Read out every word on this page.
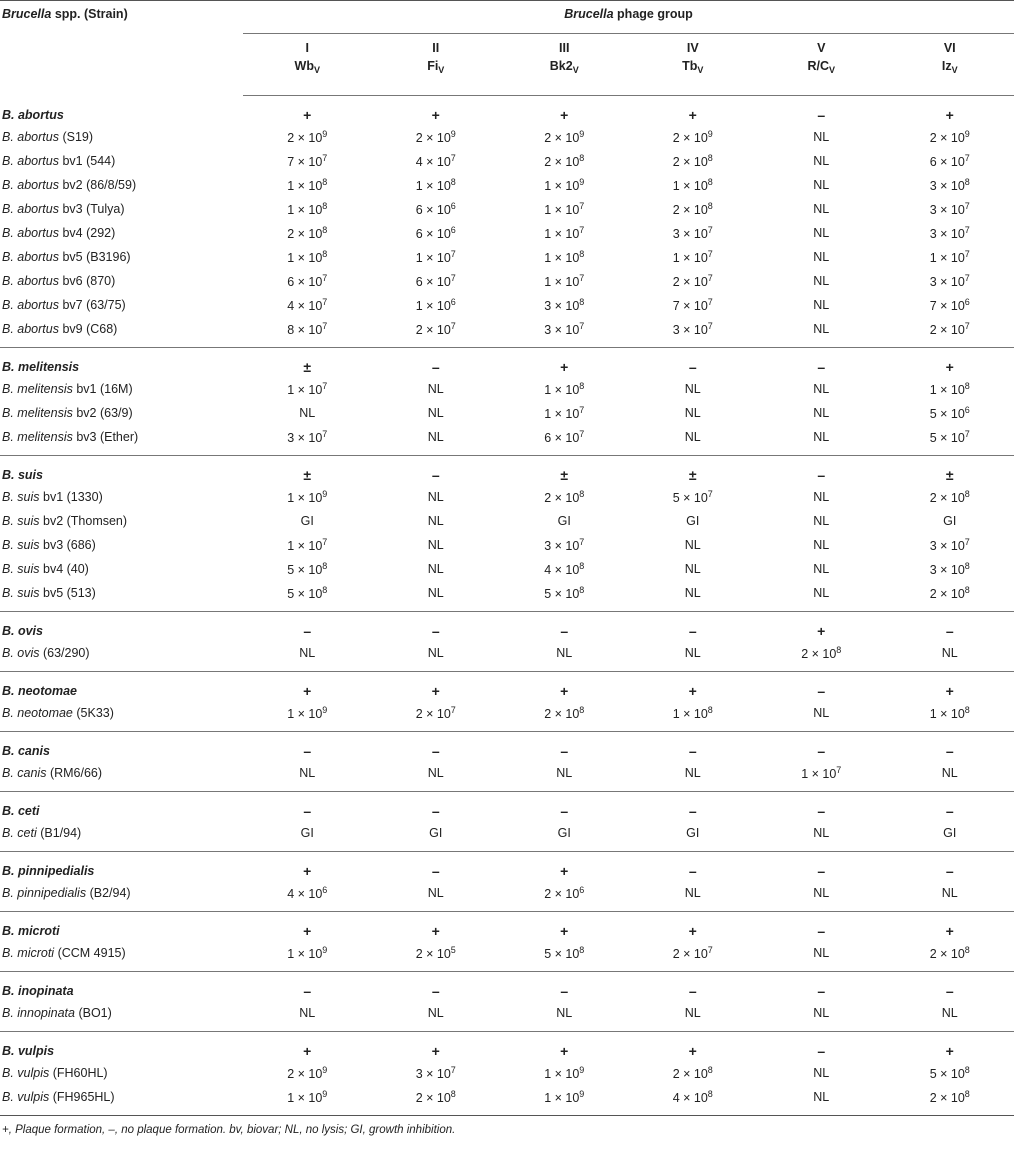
Brucella spp. (Strain)	Brucella phage group					
	I	II	III	IV	V	VI
	$Wb_V$	$Fi_V$	$Bk2_V$	$Tb_V$	$R/C_V$	$Iz_V$
B. abortus	+	+	+	+	–	+
B. abortus (S19)	$2 \times 10^9$	$2 \times 10^9$	$2 \times 10^9$	$2 \times 10^9$	NL	$2 \times 10^9$
B. abortus bv1 (544)	$7 \times 10^7$	$4 \times 10^7$	$2 \times 10^8$	$2 \times 10^8$	NL	$6 \times 10^7$
B. abortus bv2 (86/8/59)	$1 \times 10^8$	$1 \times 10^8$	$1 \times 10^9$	$1 \times 10^8$	NL	$3 \times 10^8$
B. abortus bv3 (Tulya)	$1 \times 10^8$	$6 \times 10^6$	$1 \times 10^7$	$2 \times 10^8$	NL	$3 \times 10^7$
B. abortus bv4 (292)	$2 \times 10^8$	$6 \times 10^6$	$1 \times 10^7$	$3 \times 10^7$	NL	$3 \times 10^7$
B. abortus bv5 (B3196)	$1 \times 10^8$	$1 \times 10^7$	$1 \times 10^8$	$1 \times 10^7$	NL	$1 \times 10^7$
B. abortus bv6 (870)	$6 \times 10^7$	$6 \times 10^7$	$1 \times 10^7$	$2 \times 10^7$	NL	$3 \times 10^7$
B. abortus bv7 (63/75)	$4 \times 10^7$	$1 \times 10^6$	$3 \times 10^8$	$7 \times 10^7$	NL	$7 \times 10^6$
B. abortus bv9 (C68)	$8 \times 10^7$	$2 \times 10^7$	$3 \times 10^7$	$3 \times 10^7$	NL	$2 \times 10^7$
B. melitensis	±	–	+	–	–	+
B. melitensis bv1 (16M)	$1 \times 10^7$	NL	$1 \times 10^8$	NL	NL	$1 \times 10^8$
B. melitensis bv2 (63/9)	NL	NL	$1 \times 10^7$	NL	NL	$5 \times 10^6$
B. melitensis bv3 (Ether)	$3 \times 10^7$	NL	$6 \times 10^7$	NL	NL	$5 \times 10^7$
B. suis	±	–	±	±	–	±
B. suis bv1 (1330)	$1 \times 10^9$	NL	$2 \times 10^8$	$5 \times 10^7$	NL	$2 \times 10^8$
B. suis bv2 (Thomsen)	GI	NL	GI	GI	NL	GI
B. suis bv3 (686)	$1 \times 10^7$	NL	$3 \times 10^7$	NL	NL	$3 \times 10^7$
B. suis bv4 (40)	$5 \times 10^8$	NL	$4 \times 10^8$	NL	NL	$3 \times 10^8$
B. suis bv5 (513)	$5 \times 10^8$	NL	$5 \times 10^8$	NL	NL	$2 \times 10^8$
B. ovis	–	–	–	–	+	–
B. ovis (63/290)	NL	NL	NL	NL	$2 \times 10^8$	NL
B. neotomae	+	+	+	+	–	+
B. neotomae (5K33)	$1 \times 10^9$	$2 \times 10^7$	$2 \times 10^8$	$1 \times 10^8$	NL	$1 \times 10^8$
B. canis	–	–	–	–	–	–
B. canis (RM6/66)	NL	NL	NL	NL	$1 \times 10^7$	NL
B. ceti	–	–	–	–	–	–
B. ceti (B1/94)	GI	GI	GI	GI	NL	GI
B. pinnipedialis	+	–	+	–	–	–
B. pinnipedialis (B2/94)	$4 \times 10^6$	NL	$2 \times 10^6$	NL	NL	NL
B. microti	+	+	+	+	–	+
B. microti (CCM 4915)	$1 \times 10^9$	$2 \times 10^5$	$5 \times 10^8$	$2 \times 10^7$	NL	$2 \times 10^8$
B. inopinata	–	–	–	–	–	–
B. innopinata (BO1)	NL	NL	NL	NL	NL	NL
B. vulpis	+	+	+	+	–	+
B. vulpis (FH60HL)	$2 \times 10^9$	$3 \times 10^7$	$1 \times 10^9$	$2 \times 10^8$	NL	$5 \times 10^8$
B. vulpis (FH965HL)	$1 \times 10^9$	$2 \times 10^8$	$1 \times 10^9$	$4 \times 10^8$	NL	$2 \times 10^8$
+, Plaque formation, –, no plaque formation. bv, biovar; NL, no lysis; GI, growth inhibition.
